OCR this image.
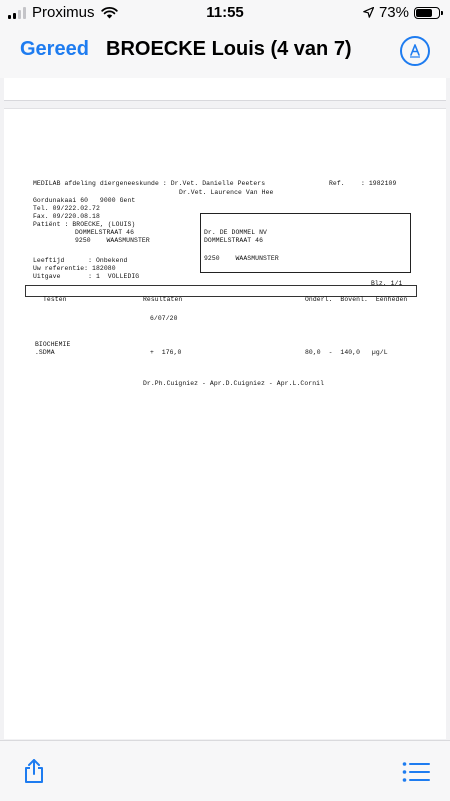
Proximus	11:55	73%
Gereed BROECKE Louis (4 van 7)
MEDILAB afdeling diergeneeskunde : Dr.Vet. Danielle Peeters
Dr.Vet. Laurence Van Hee
Ref.	: 1982109
Gordunakaai 60   9000 Gent
Tel. 09/222.02.72
Fax. 09/220.08.18
Patiënt : BROECKE, (LOUIS)
DOMMELSTRAAT 46
9250    WAASMUNSTER
Dr. DE DOMMEL NV
DOMMELSTRAAT 46
9250    WAASMUNSTER
Leeftijd      : Onbekend
Uw referentie: 182080
Uitgave       : 1  VOLLEDIG
Blz. 1/1
Testen	Resultaten	Onderl.  Bovenl.  Eenheden
6/07/20
BIOCHEMIE
.SDMA	+  176,0	80,0  -  140,0   µg/L
Dr.Ph.Cuigniez - Apr.D.Cuigniez - Apr.L.Cornil
